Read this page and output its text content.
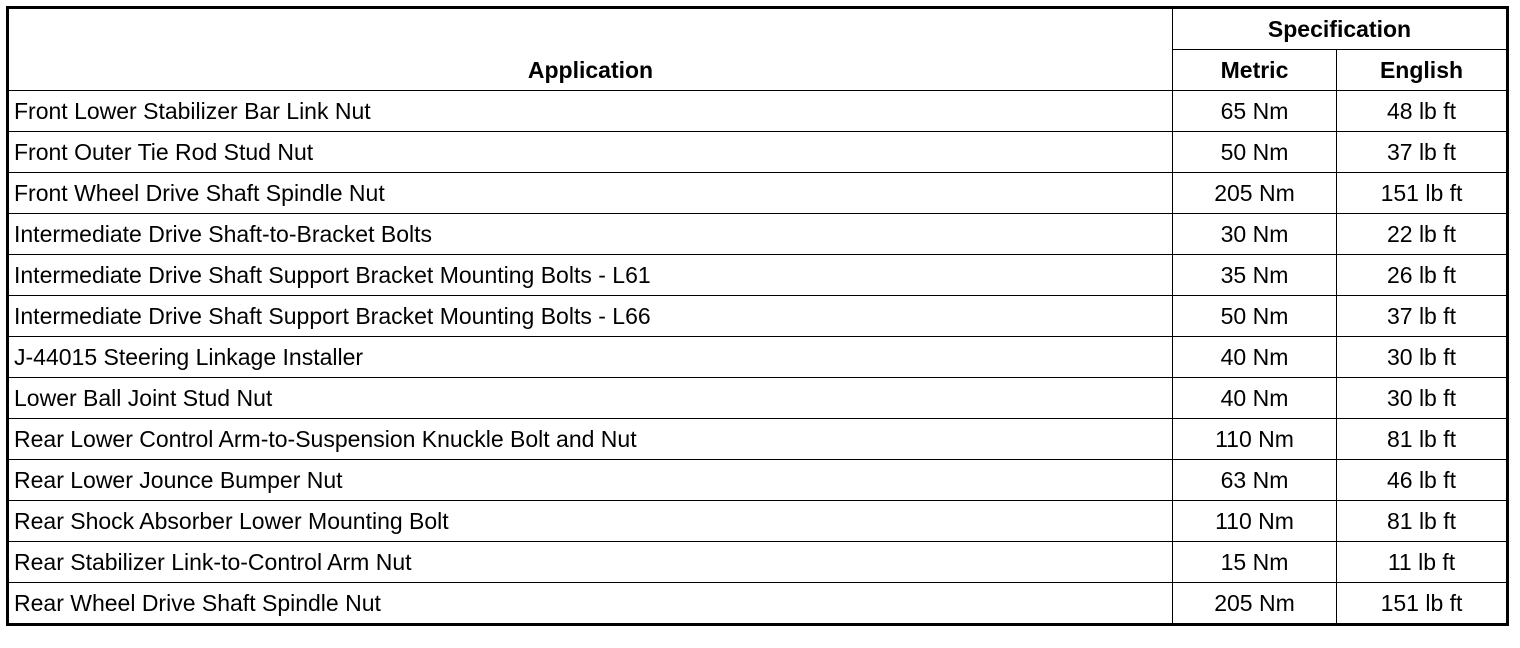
Application	Specification	
	Metric	English
Front Lower Stabilizer Bar Link Nut	65 Nm	48 lb ft
Front Outer Tie Rod Stud Nut	50 Nm	37 lb ft
Front Wheel Drive Shaft Spindle Nut	205 Nm	151 lb ft
Intermediate Drive Shaft-to-Bracket Bolts	30 Nm	22 lb ft
Intermediate Drive Shaft Support Bracket Mounting Bolts - L61	35 Nm	26 lb ft
Intermediate Drive Shaft Support Bracket Mounting Bolts - L66	50 Nm	37 lb ft
J-44015 Steering Linkage Installer	40 Nm	30 lb ft
Lower Ball Joint Stud Nut	40 Nm	30 lb ft
Rear Lower Control Arm-to-Suspension Knuckle Bolt and Nut	110 Nm	81 lb ft
Rear Lower Jounce Bumper Nut	63 Nm	46 lb ft
Rear Shock Absorber Lower Mounting Bolt	110 Nm	81 lb ft
Rear Stabilizer Link-to-Control Arm Nut	15 Nm	11 lb ft
Rear Wheel Drive Shaft Spindle Nut	205 Nm	151 lb ft
